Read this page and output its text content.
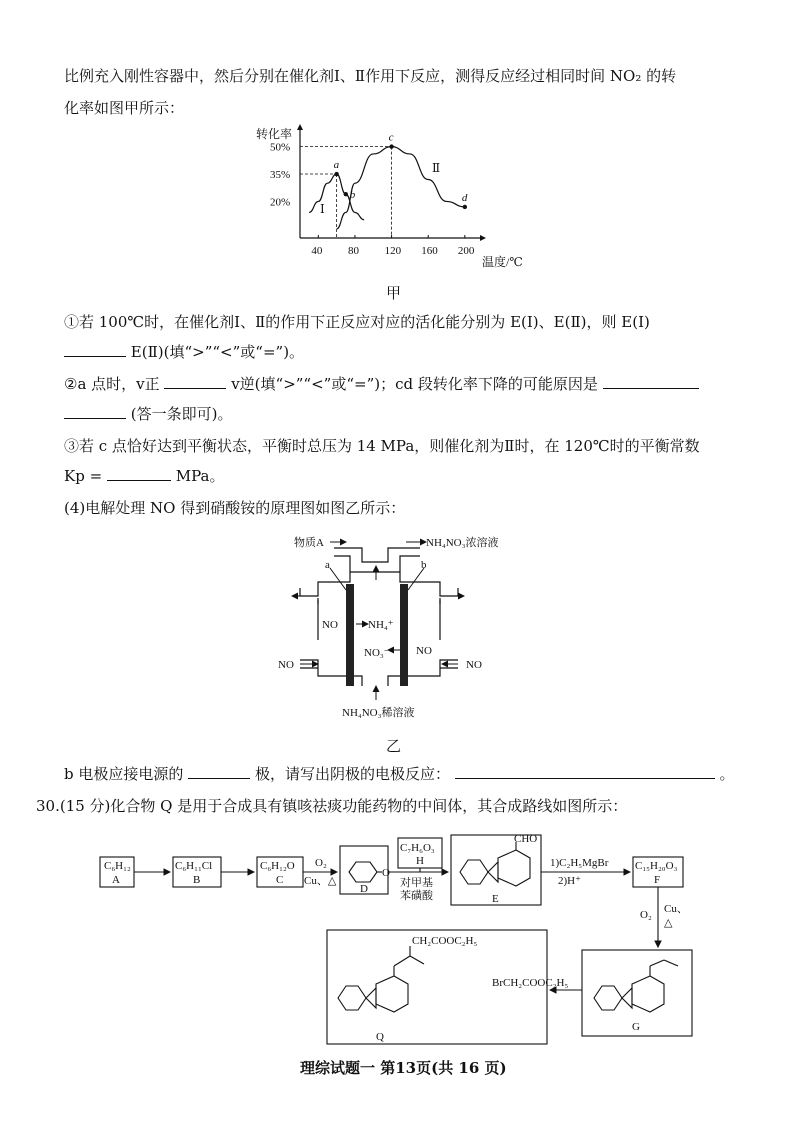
比例充入刚性容器中，然后分别在催化剂Ⅰ、Ⅱ作用下反应，测得反应经过相同时间 NO₂ 的转
化率如图甲所示：
40 80 120 160 200
20%
35%
50%
a
b
c
d
转化率
温度/℃
Ⅰ
Ⅱ
甲
①若 100℃时，在催化剂Ⅰ、Ⅱ的作用下正反应对应的活化能分别为 E(Ⅰ)、E(Ⅱ)，则 E(Ⅰ)
E(Ⅱ)(填“>”“<”或“=”)。
②a 点时，v正	v逆(填“>”“<”或“=”)；cd 段转化率下降的可能原因是
(答一条即可)。
③若 c 点恰好达到平衡状态，平衡时总压为 14 MPa，则催化剂为Ⅱ时，在 120℃时的平衡常数
Kp =	MPa。
(4)电解处理 NO 得到硝酸铵的原理图如图乙所示：
物质A	NH₄NO₃浓溶液
a	b
NO	NH₄⁺
NO₃⁻ NO
NO	NO
NH₄NO₃稀溶液
乙
b 电极应接电源的	极，请写出阴极的电极反应：	。
30.(15 分)化合物 Q 是用于合成具有镇咳祛痰功能药物的中间体，其合成路线如图所示：
C₆H₁₂
A
C₆H₁₁Cl
B
C₆H₁₂O
C
O₂
Cu、△
O
D
C₇H₆O₃
H
对甲基
苯磺酸
CHO
E
1)C₂H₅MgBr
2)H⁺
C₁₅H₂₀O₃
F
O₂ Cu、
△
G
BrCH₂COOC₂H₅
CH₂COOC₂H₅
Q
理综试题一 第13页(共 16 页)
